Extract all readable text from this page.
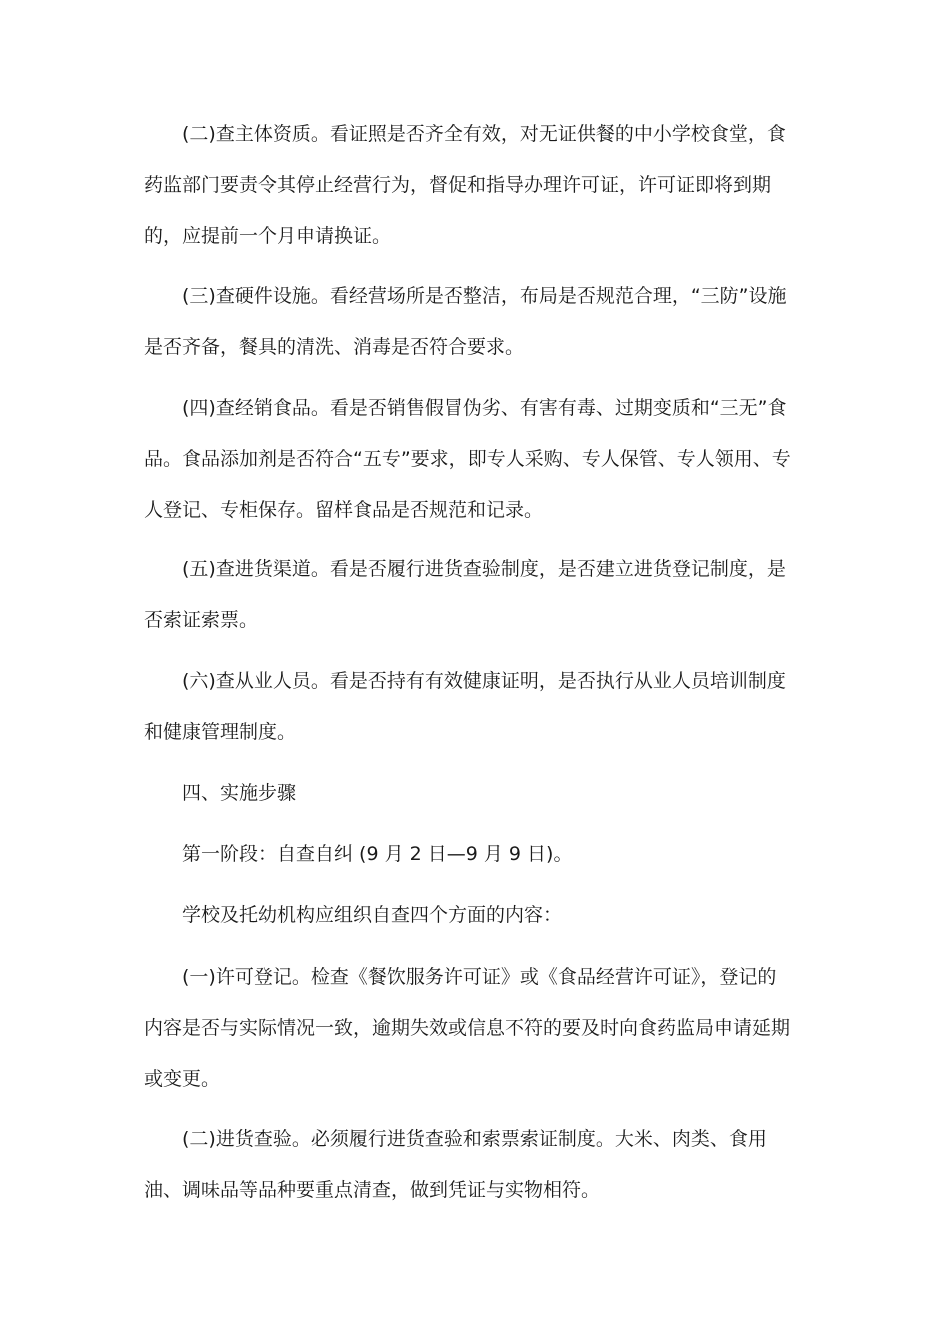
(二)查主体资质。看证照是否齐全有效，对无证供餐的中小学校食堂，食药监部门要责令其停止经营行为，督促和指导办理许可证，许可证即将到期的，应提前一个月申请换证。

(三)查硬件设施。看经营场所是否整洁，布局是否规范合理，“三防”设施是否齐备，餐具的清洗、消毒是否符合要求。

(四)查经销食品。看是否销售假冒伪劣、有害有毒、过期变质和“三无”食品。食品添加剂是否符合“五专”要求，即专人采购、专人保管、专人领用、专人登记、专柜保存。留样食品是否规范和记录。

(五)查进货渠道。看是否履行进货查验制度，是否建立进货登记制度，是否索证索票。

(六)查从业人员。看是否持有有效健康证明，是否执行从业人员培训制度和健康管理制度。

四、实施步骤

第一阶段：自查自纠 (9 月 2 日—9 月 9 日)。

学校及托幼机构应组织自查四个方面的内容：

(一)许可登记。检查《餐饮服务许可证》或《食品经营许可证》，登记的内容是否与实际情况一致，逾期失效或信息不符的要及时向食药监局申请延期或变更。

(二)进货查验。必须履行进货查验和索票索证制度。大米、肉类、食用油、调味品等品种要重点清查，做到凭证与实物相符。
